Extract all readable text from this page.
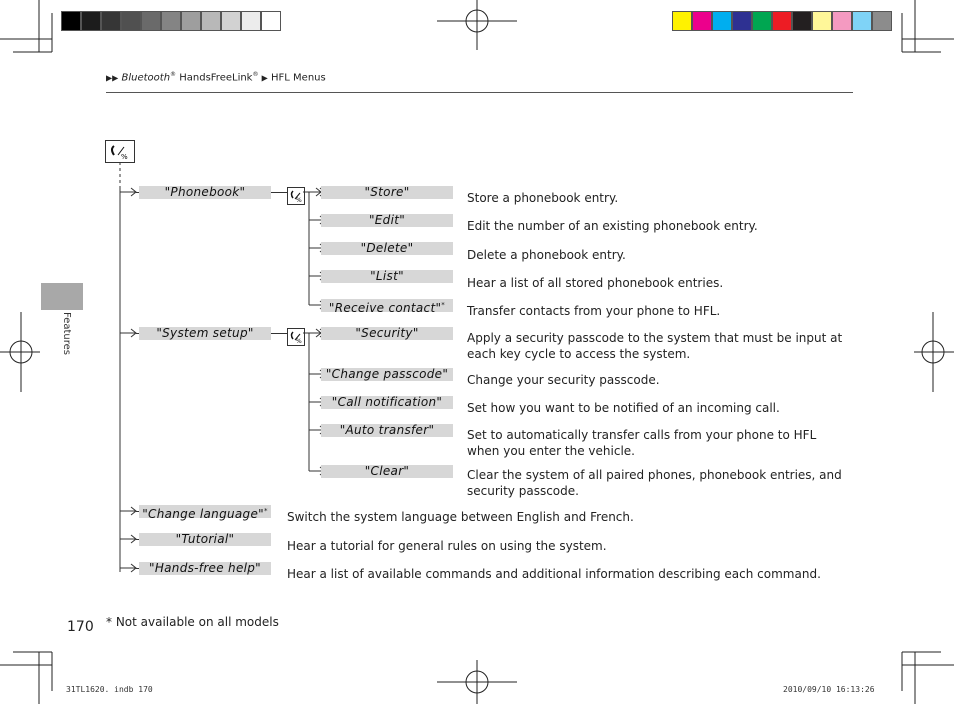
▶▶ Bluetooth® HandsFreeLink® ▶ HFL Menus
Features
%
"Phonebook"
%
"Store"	Store a phonebook entry.
"Edit"	Edit the number of an existing phonebook entry.
"Delete"	Delete a phonebook entry.
"List"	Hear a list of all stored phonebook entries.
"Receive contact"*	Transfer contacts from your phone to HFL.
"System setup"
%
"Security"	Apply a security passcode to the system that must be input at each key cycle to access the system.
"Change passcode"	Change your security passcode.
"Call notification"	Set how you want to be notified of an incoming call.
"Auto transfer"	Set to automatically transfer calls from your phone to HFL when you enter the vehicle.
"Clear"	Clear the system of all paired phones, phonebook entries, and security passcode.
"Change language"* Switch the system language between English and French.
"Tutorial"	Hear a tutorial for general rules on using the system.
"Hands-free help"	Hear a list of available commands and additional information describing each command.
170 * Not available on all models
31TL1620. indb 170	2010/09/10 16:13:26
